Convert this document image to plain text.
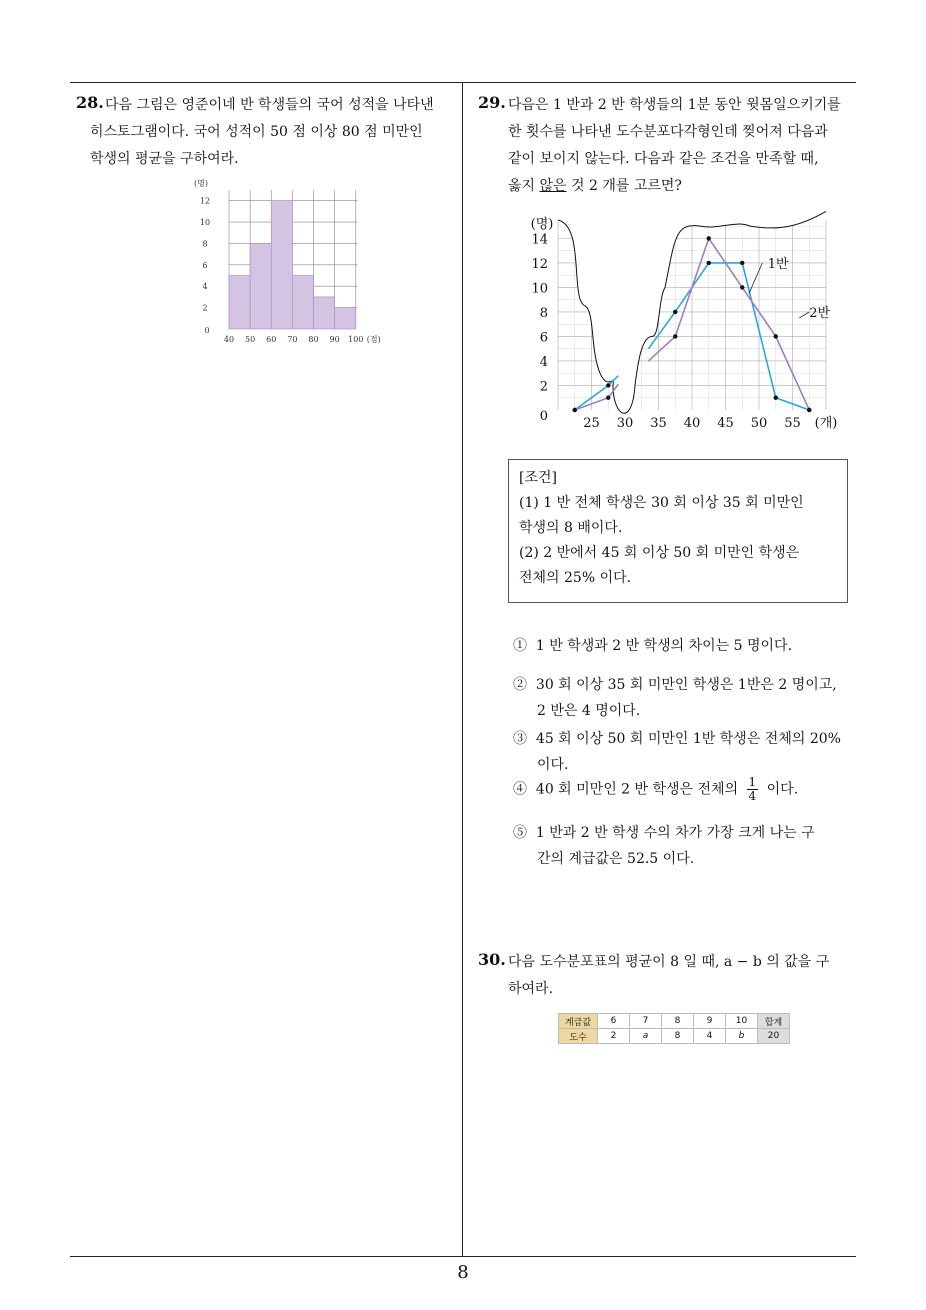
8
28. 다음 그림은 영준이네 반 학생들의 국어 성적을 나타낸
히스토그램이다. 국어 성적이 50 점 이상 80 점 미만인
학생의 평균을 구하여라.
0
2
4
6
8
10
12
(명)
40 50 60 70 80 90 100 (점)
29. 다음은 1 반과 2 반 학생들의 1분 동안 윗몸일으키기를
한 횟수를 나타낸 도수분포다각형인데 찢어져 다음과
같이 보이지 않는다. 다음과 같은 조건을 만족할 때,
옳지 않은 것 2 개를 고르면?
1반
2반
0
2
4
6
8
10
12
14
(명)
25 30 35 40 45 50 55 (개)
[조건]
(1) 1 반 전체 학생은 30 회 이상 35 회 미만인
학생의 8 배이다.
(2) 2 반에서 45 회 이상 50 회 미만인 학생은
전체의 25% 이다.
① 1 반 학생과 2 반 학생의 차이는 5 명이다.
② 30 회 이상 35 회 미만인 학생은 1반은 2 명이고,
2 반은 4 명이다.
③ 45 회 이상 50 회 미만인 1반 학생은 전체의 20%
이다.
④ 40 회 미만인 2 반 학생은 전체의 $\frac{1}{4}$ 이다.
⑤ 1 반과 2 반 학생 수의 차가 가장 크게 나는 구
간의 계급값은 52.5 이다.
30. 다음 도수분포표의 평균이 8 일 때, a − b 의 값을 구
하여라.
계급값	6	7	8	9	10	합계
도수	2	a	8	4	b	20
